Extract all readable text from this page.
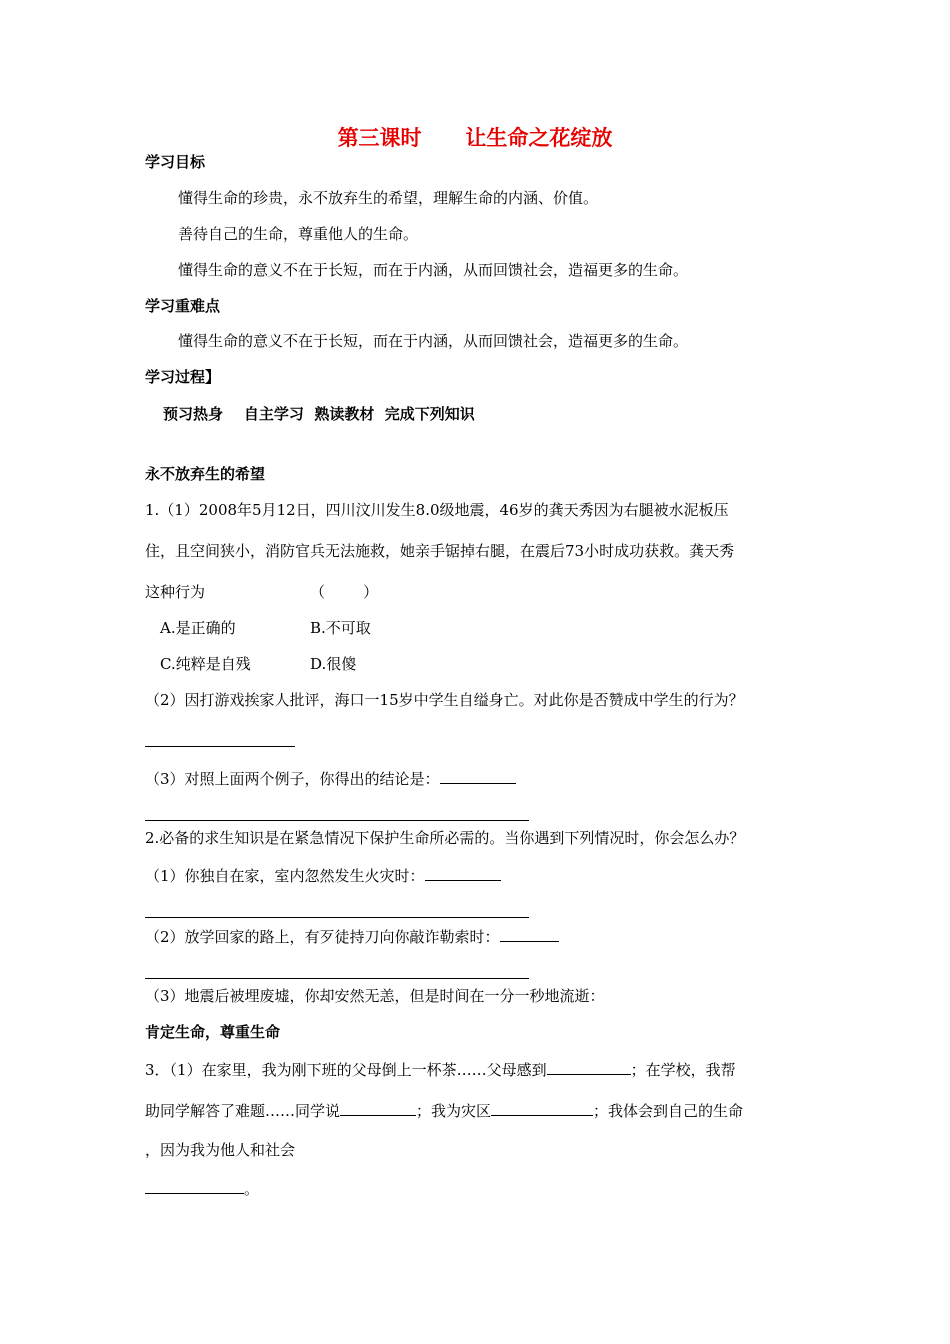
第三课时      让生命之花绽放
学习目标
懂得生命的珍贵，永不放弃生的希望，理解生命的内涵、价值。
善待自己的生命，尊重他人的生命。
懂得生命的意义不在于长短，而在于内涵，从而回馈社会，造福更多的生命。
学习重难点
懂得生命的意义不在于长短，而在于内涵，从而回馈社会，造福更多的生命。
学习过程】
预习热身    自主学习  熟读教材  完成下列知识
永不放弃生的希望
1.（1）2008年5月12日，四川汶川发生8.0级地震，46岁的龚天秀因为右腿被水泥板压
住，且空间狭小，消防官兵无法施救，她亲手锯掉右腿，在震后73小时成功获救。龚天秀
这种行为	（        ）
A.是正确的	B.不可取
C.纯粹是自残	D.很傻
（2）因打游戏挨家人批评，海口一15岁中学生自缢身亡。对此你是否赞成中学生的行为？
（3）对照上面两个例子，你得出的结论是：
2.必备的求生知识是在紧急情况下保护生命所必需的。当你遇到下列情况时，你会怎么办？
（1）你独自在家，室内忽然发生火灾时：
（2）放学回家的路上，有歹徒持刀向你敲诈勒索时：
（3）地震后被埋废墟，你却安然无恙，但是时间在一分一秒地流逝：
肯定生命，尊重生命
3．（1）在家里，我为刚下班的父母倒上一杯茶……父母感到	；在学校，我帮
助同学解答了难题……同学说	；我为灾区	；我体会到自己的生命
，因为我为他人和社会
。
